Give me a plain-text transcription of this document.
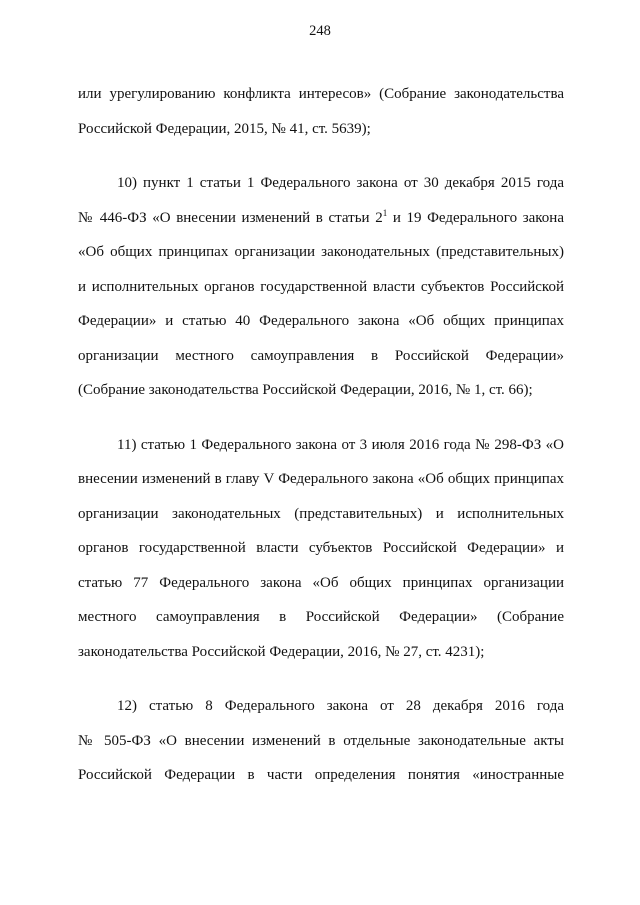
248

или урегулированию конфликта интересов» (Собрание законодательства
Российской Федерации, 2015, № 41, ст. 5639);

10) пункт 1 статьи 1 Федерального закона от 30 декабря 2015 года
№ 446-ФЗ «О внесении изменений в статьи $2^1$ и 19 Федерального закона
«Об общих принципах организации законодательных (представительных)
и исполнительных органов государственной власти субъектов Российской
Федерации» и статью 40 Федерального закона «Об общих принципах
организации местного самоуправления в Российской Федерации»
(Собрание законодательства Российской Федерации, 2016, № 1, ст. 66);

11) статью 1 Федерального закона от 3 июля 2016 года № 298-ФЗ «О
внесении изменений в главу V Федерального закона «Об общих принципах
организации законодательных (представительных) и исполнительных
органов государственной власти субъектов Российской Федерации» и
статью 77 Федерального закона «Об общих принципах организации
местного самоуправления в Российской Федерации» (Собрание
законодательства Российской Федерации, 2016, № 27, ст. 4231);

12) статью 8 Федерального закона от 28 декабря 2016 года
№ 505-ФЗ «О внесении изменений в отдельные законодательные акты
Российской Федерации в части определения понятия «иностранные
